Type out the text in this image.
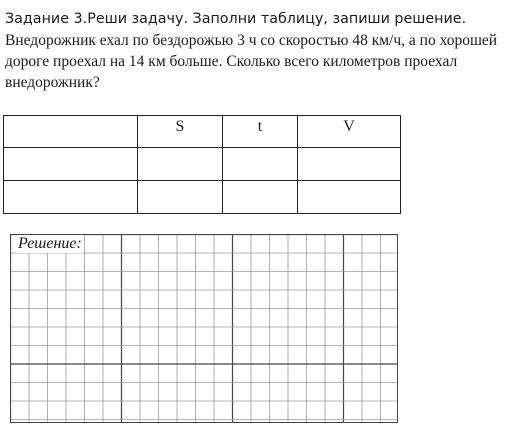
Задание 3.Реши задачу. Заполни таблицу, запиши решение.
Внедорожник ехал по бездорожью 3 ч со скоростью 48 км/ч, а по хорошей дороге проехал на 14 км больше. Сколько всего километров проехал внедорожник?
	S	t	V

Решение:
